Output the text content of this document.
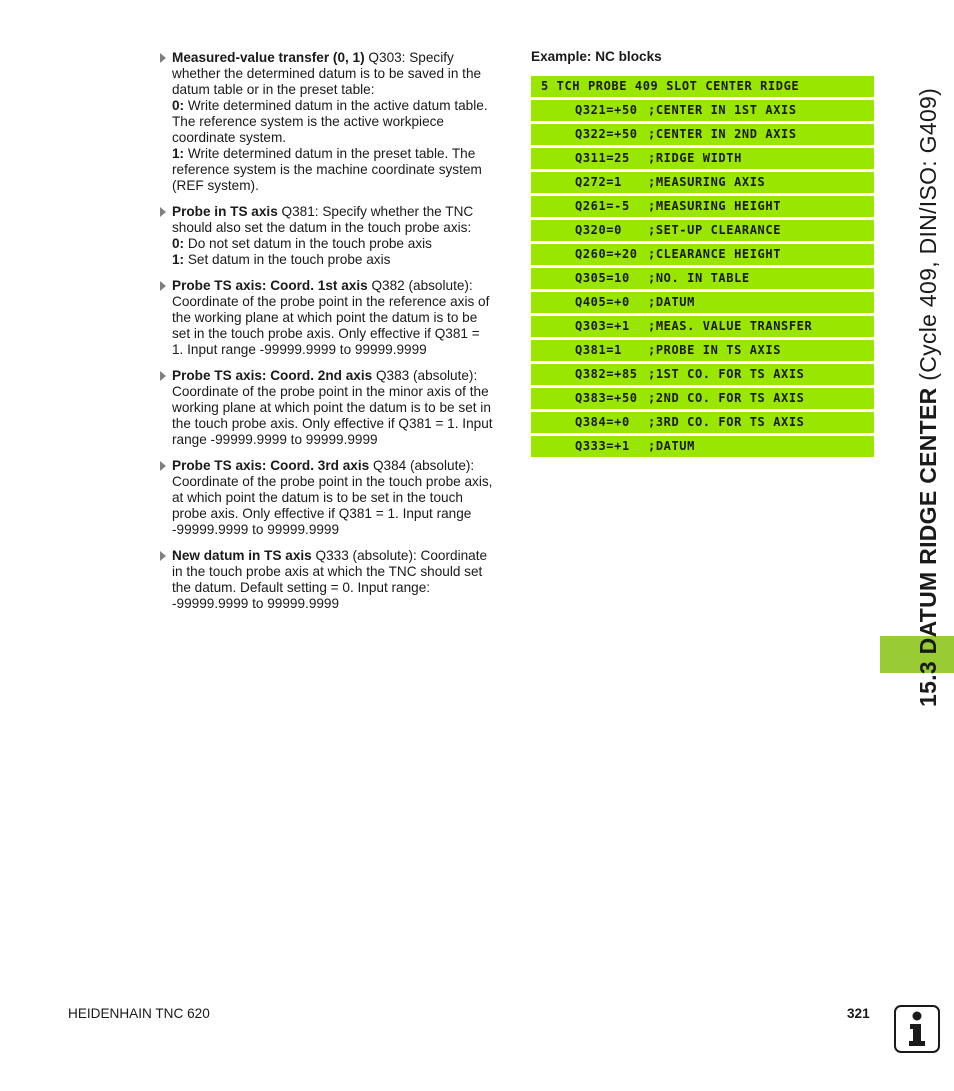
Measured-value transfer (0, 1) Q303: Specify
whether the determined datum is to be saved in the
datum table or in the preset table:
0: Write determined datum in the active datum table.
The reference system is the active workpiece
coordinate system.
1: Write determined datum in the preset table. The
reference system is the machine coordinate system
(REF system).
Probe in TS axis Q381: Specify whether the TNC
should also set the datum in the touch probe axis:
0: Do not set datum in the touch probe axis
1: Set datum in the touch probe axis
Probe TS axis: Coord. 1st axis Q382 (absolute):
Coordinate of the probe point in the reference axis of
the working plane at which point the datum is to be
set in the touch probe axis. Only effective if Q381 =
1. Input range -99999.9999 to 99999.9999
Probe TS axis: Coord. 2nd axis Q383 (absolute):
Coordinate of the probe point in the minor axis of the
working plane at which point the datum is to be set in
the touch probe axis. Only effective if Q381 = 1. Input
range -99999.9999 to 99999.9999
Probe TS axis: Coord. 3rd axis Q384 (absolute):
Coordinate of the probe point in the touch probe axis,
at which point the datum is to be set in the touch
probe axis. Only effective if Q381 = 1. Input range
-99999.9999 to 99999.9999
New datum in TS axis Q333 (absolute): Coordinate
in the touch probe axis at which the TNC should set
the datum. Default setting = 0. Input range:
-99999.9999 to 99999.9999
Example: NC blocks
5 TCH PROBE 409 SLOT CENTER RIDGE
Q321=+50 ;CENTER IN 1ST AXIS
Q322=+50 ;CENTER IN 2ND AXIS
Q311=25 ;RIDGE WIDTH
Q272=1 ;MEASURING AXIS
Q261=-5 ;MEASURING HEIGHT
Q320=0 ;SET-UP CLEARANCE
Q260=+20 ;CLEARANCE HEIGHT
Q305=10 ;NO. IN TABLE
Q405=+0 ;DATUM
Q303=+1 ;MEAS. VALUE TRANSFER
Q381=1 ;PROBE IN TS AXIS
Q382=+85 ;1ST CO. FOR TS AXIS
Q383=+50 ;2ND CO. FOR TS AXIS
Q384=+0 ;3RD CO. FOR TS AXIS
Q333=+1 ;DATUM	15.3 DATUM RIDGE CENTER (Cycle 409, DIN/ISO: G409)
HEIDENHAIN TNC 620	321
